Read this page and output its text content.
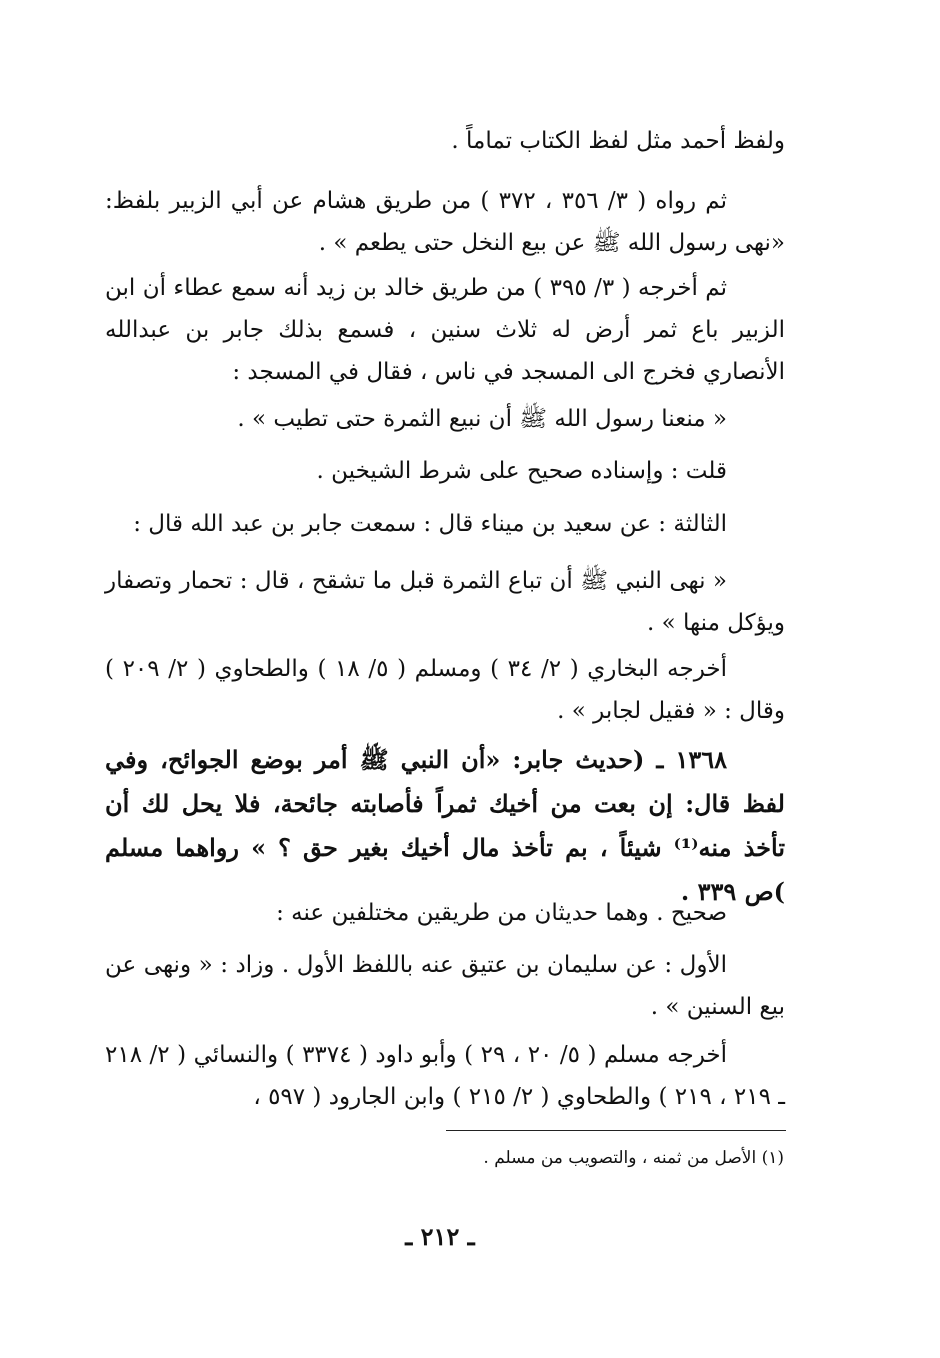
ولفظ أحمد مثل لفظ الكتاب تماماً .
ثم رواه ( ٣/ ٣٥٦ ، ٣٧٢ ) من طريق هشام عن أبي الزبير بلفظ: «نهى رسول الله ﷺ عن بيع النخل حتى يطعم » .
ثم أخرجه ( ٣/ ٣٩٥ ) من طريق خالد بن زيد أنه سمع عطاء أن ابن الزبير باع ثمر أرض له ثلاث سنين ، فسمع بذلك جابر بن عبدالله الأنصاري فخرج الى المسجد في ناس ، فقال في المسجد :
« منعنا رسول الله ﷺ أن نبيع الثمرة حتى تطيب » .
قلت : وإسناده صحيح على شرط الشيخين .
الثالثة : عن سعيد بن ميناء قال : سمعت جابر بن عبد الله قال :
« نهى النبي ﷺ أن تباع الثمرة قبل ما تشقح ، قال : تحمار وتصفار ويؤكل منها » .
أخرجه البخاري ( ٢/ ٣٤ ) ومسلم ( ٥/ ١٨ ) والطحاوي ( ٢/ ٢٠٩ ) وقال : « فقيل لجابر » .
١٣٦٨ ـ (حديث جابر: «أن النبي ﷺ أمر بوضع الجوائح، وفي لفظ قال: إن بعت من أخيك ثمراً فأصابته جائحة، فلا يحل لك أن تأخذ منه⁽¹⁾ شيئاً ، بم تأخذ مال أخيك بغير حق ؟ » رواهما مسلم )ص ٣٣٩ .
صحيح . وهما حديثان من طريقين مختلفين عنه :
الأول : عن سليمان بن عتيق عنه باللفظ الأول . وزاد : « ونهى عن بيع السنين » .
أخرجه مسلم ( ٥/ ٢٠ ، ٢٩ ) وأبو داود ( ٣٣٧٤ ) والنسائي ( ٢/ ٢١٨ ـ ٢١٩ ، ٢١٩ ) والطحاوي ( ٢/ ٢١٥ ) وابن الجارود ( ٥٩٧ ،
(١) الأصل من ثمنه ، والتصويب من مسلم .
ـ ٢١٢ ـ
